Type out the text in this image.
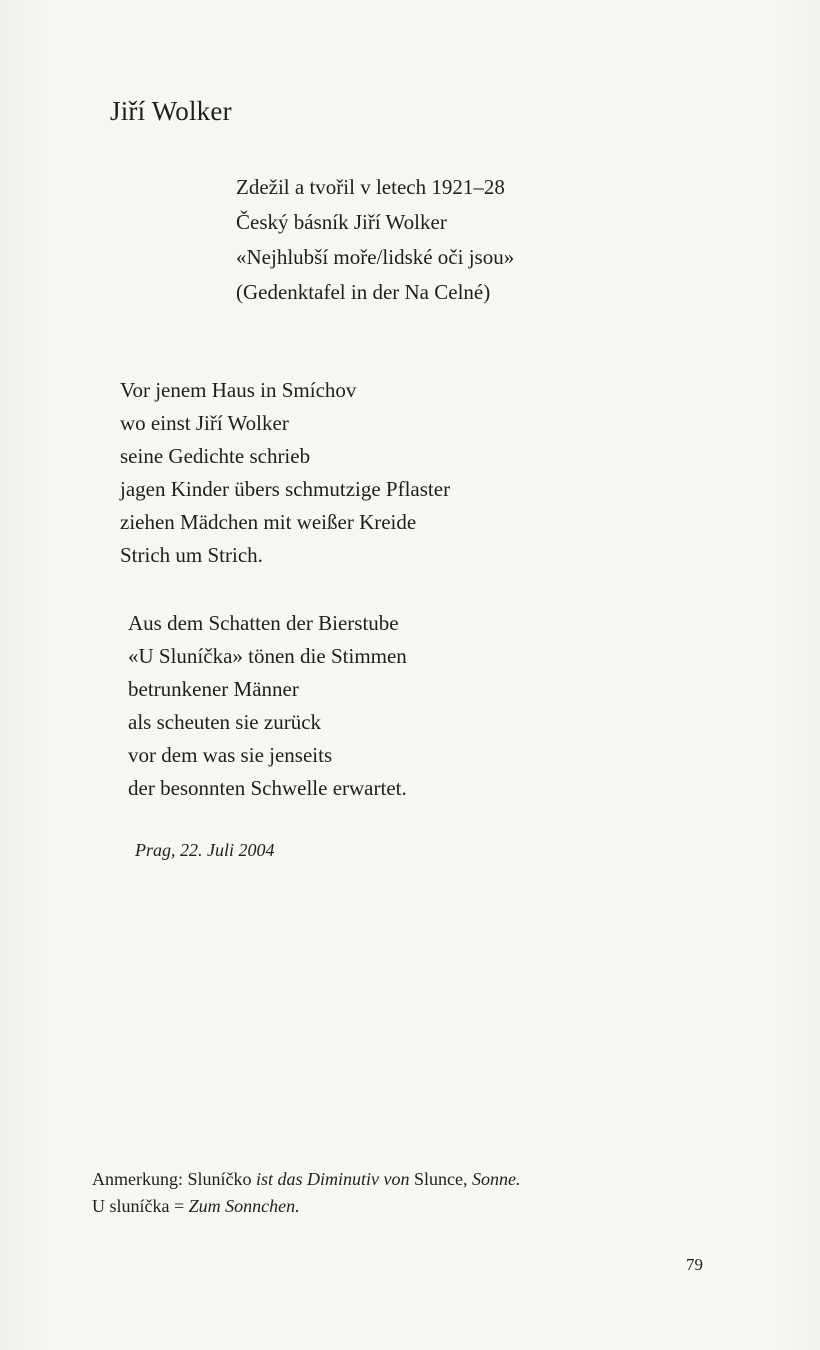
Jiří Wolker
Zdežil a tvořil v letech 1921–28
Český básník Jiří Wolker
«Nejhlubší moře/lidské oči jsou»
(Gedenktafel in der Na Celné)
Vor jenem Haus in Smíchov
wo einst Jiří Wolker
seine Gedichte schrieb
jagen Kinder übers schmutzige Pflaster
ziehen Mädchen mit weißer Kreide
Strich um Strich.
Aus dem Schatten der Bierstube
«U Sluníčka» tönen die Stimmen
betrunkener Männer
als scheuten sie zurück
vor dem was sie jenseits
der besonnten Schwelle erwartet.
Prag, 22. Juli 2004
Anmerkung: Sluníčko ist das Diminutiv von Slunce, Sonne.
U sluníčka = Zum Sonnchen.
79
